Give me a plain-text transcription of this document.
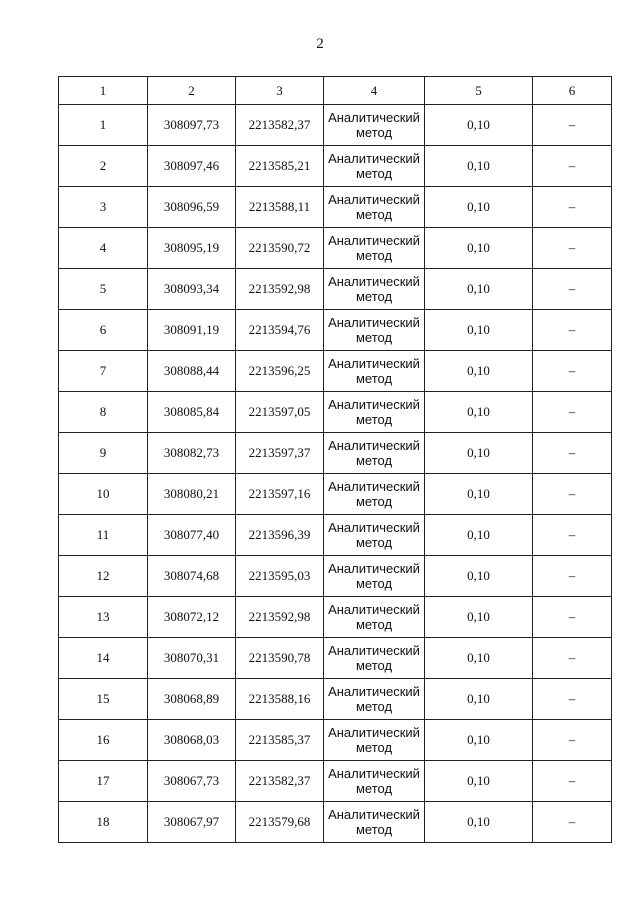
2
1	2	3	4	5	6
1	308097,73	2213582,37	Аналитический метод	0,10	–
2	308097,46	2213585,21	Аналитический метод	0,10	–
3	308096,59	2213588,11	Аналитический метод	0,10	–
4	308095,19	2213590,72	Аналитический метод	0,10	–
5	308093,34	2213592,98	Аналитический метод	0,10	–
6	308091,19	2213594,76	Аналитический метод	0,10	–
7	308088,44	2213596,25	Аналитический метод	0,10	–
8	308085,84	2213597,05	Аналитический метод	0,10	–
9	308082,73	2213597,37	Аналитический метод	0,10	–
10	308080,21	2213597,16	Аналитический метод	0,10	–
11	308077,40	2213596,39	Аналитический метод	0,10	–
12	308074,68	2213595,03	Аналитический метод	0,10	–
13	308072,12	2213592,98	Аналитический метод	0,10	–
14	308070,31	2213590,78	Аналитический метод	0,10	–
15	308068,89	2213588,16	Аналитический метод	0,10	–
16	308068,03	2213585,37	Аналитический метод	0,10	–
17	308067,73	2213582,37	Аналитический метод	0,10	–
18	308067,97	2213579,68	Аналитический метод	0,10	–
